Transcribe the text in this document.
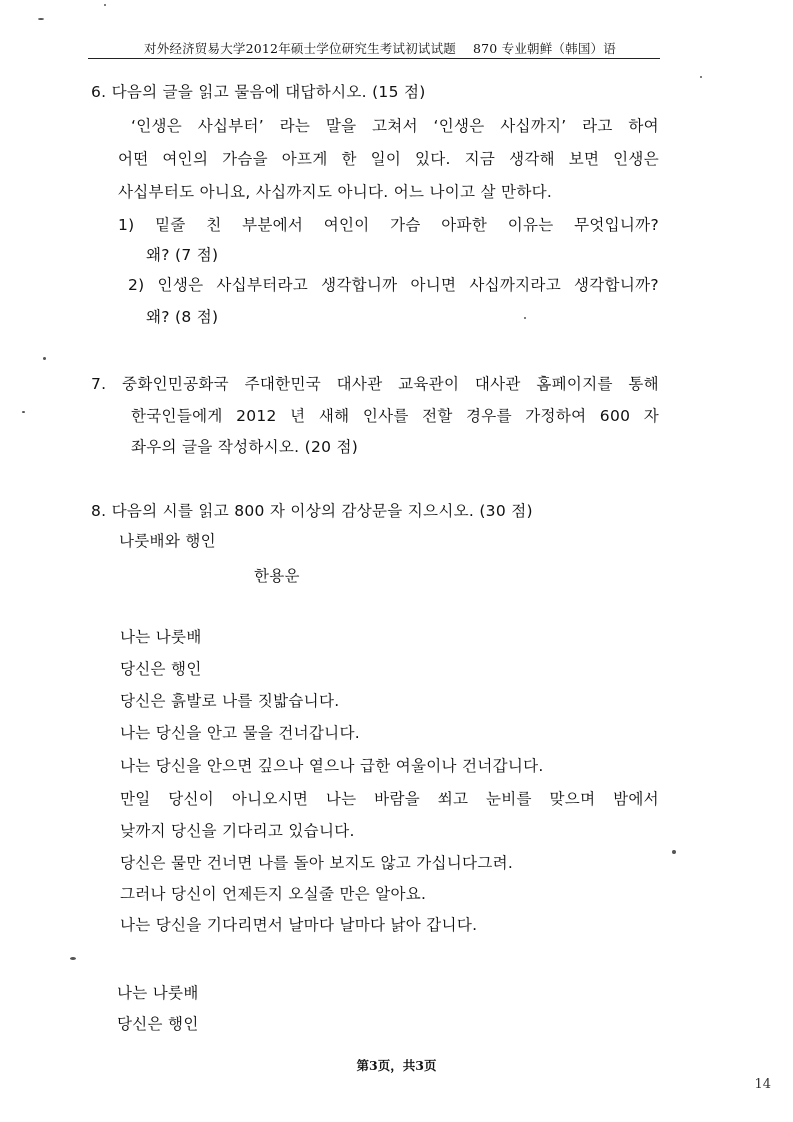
对外经济贸易大学2012年硕士学位研究生考试初试试题 870 专业朝鲜（韩国）语
6. 다음의 글을 읽고 물음에 대답하시오. (15 점)
‘인생은 사십부터’ 라는 말을 고쳐서 ‘인생은 사십까지’ 라고 하여
어떤 여인의 가슴을 아프게 한 일이 있다. 지금 생각해 보면 인생은
사십부터도 아니요, 사십까지도 아니다. 어느 나이고 살 만하다.
1) 밑줄 친 부분에서 여인이 가슴 아파한 이유는 무엇입니까?
왜? (7 점)
2) 인생은 사십부터라고 생각합니까 아니면 사십까지라고 생각합니까?
왜? (8 점)
7. 중화인민공화국 주대한민국 대사관 교육관이 대사관 홈페이지를 통해
한국인들에게 2012 년 새해 인사를 전할 경우를 가정하여 600 자
좌우의 글을 작성하시오. (20 점)
8. 다음의 시를 읽고 800 자 이상의 감상문을 지으시오. (30 점)
나룻배와 행인
한용운
나는 나룻배
당신은 행인
당신은 흙발로 나를 짓밟습니다.
나는 당신을 안고 물을 건너갑니다.
나는 당신을 안으면 깊으나 옅으나 급한 여울이나 건너갑니다.
만일 당신이 아니오시면 나는 바람을 쐬고 눈비를 맞으며 밤에서
낮까지 당신을 기다리고 있습니다.
당신은 물만 건너면 나를 돌아 보지도 않고 가십니다그려.
그러나 당신이 언제든지 오실줄 만은 알아요.
나는 당신을 기다리면서 날마다 날마다 낡아 갑니다.
나는 나룻배
당신은 행인
第3页，共3页
14
